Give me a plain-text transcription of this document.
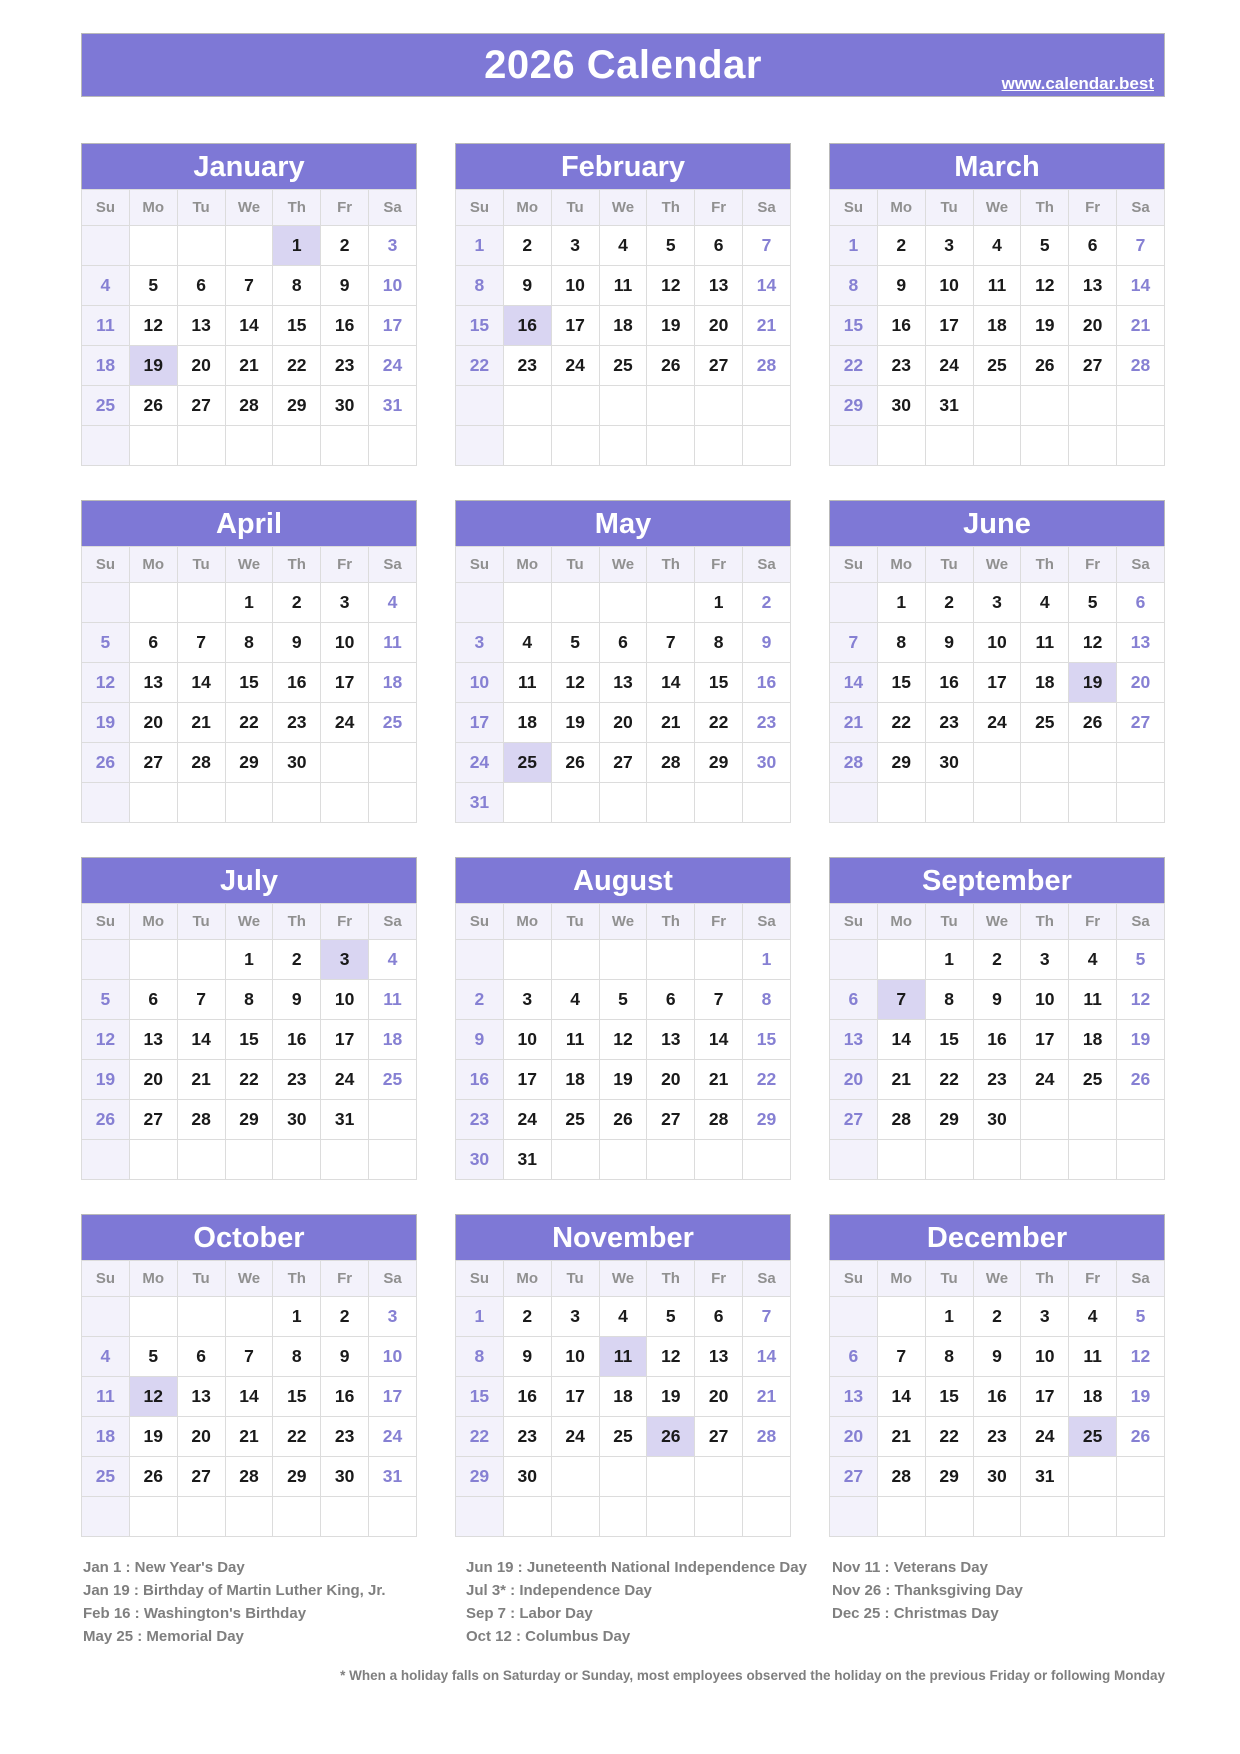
2026 Calendar	www.calendar.best
January
Su	Mo	Tu	We	Th	Fr	Sa
				1	2	3
4	5	6	7	8	9	10
11	12	13	14	15	16	17
18	19	20	21	22	23	24
25	26	27	28	29	30	31

February
Su	Mo	Tu	We	Th	Fr	Sa
1	2	3	4	5	6	7
8	9	10	11	12	13	14
15	16	17	18	19	20	21
22	23	24	25	26	27	28

March
Su	Mo	Tu	We	Th	Fr	Sa
1	2	3	4	5	6	7
8	9	10	11	12	13	14
15	16	17	18	19	20	21
22	23	24	25	26	27	28
29	30	31				

April
Su	Mo	Tu	We	Th	Fr	Sa
			1	2	3	4
5	6	7	8	9	10	11
12	13	14	15	16	17	18
19	20	21	22	23	24	25
26	27	28	29	30		

May
Su	Mo	Tu	We	Th	Fr	Sa
					1	2
3	4	5	6	7	8	9
10	11	12	13	14	15	16
17	18	19	20	21	22	23
24	25	26	27	28	29	30
31						
June
Su	Mo	Tu	We	Th	Fr	Sa
	1	2	3	4	5	6
7	8	9	10	11	12	13
14	15	16	17	18	19	20
21	22	23	24	25	26	27
28	29	30				

July
Su	Mo	Tu	We	Th	Fr	Sa
			1	2	3	4
5	6	7	8	9	10	11
12	13	14	15	16	17	18
19	20	21	22	23	24	25
26	27	28	29	30	31	

August
Su	Mo	Tu	We	Th	Fr	Sa
						1
2	3	4	5	6	7	8
9	10	11	12	13	14	15
16	17	18	19	20	21	22
23	24	25	26	27	28	29
30	31					
September
Su	Mo	Tu	We	Th	Fr	Sa
		1	2	3	4	5
6	7	8	9	10	11	12
13	14	15	16	17	18	19
20	21	22	23	24	25	26
27	28	29	30			

October
Su	Mo	Tu	We	Th	Fr	Sa
				1	2	3
4	5	6	7	8	9	10
11	12	13	14	15	16	17
18	19	20	21	22	23	24
25	26	27	28	29	30	31

November
Su	Mo	Tu	We	Th	Fr	Sa
1	2	3	4	5	6	7
8	9	10	11	12	13	14
15	16	17	18	19	20	21
22	23	24	25	26	27	28
29	30					

December
Su	Mo	Tu	We	Th	Fr	Sa
		1	2	3	4	5
6	7	8	9	10	11	12
13	14	15	16	17	18	19
20	21	22	23	24	25	26
27	28	29	30	31		

Jan 1 : New Year's Day
Jan 19 : Birthday of Martin Luther King, Jr.
Feb 16 : Washington's Birthday
May 25 : Memorial Day
Jun 19 : Juneteenth National Independence Day
Jul 3* : Independence Day
Sep 7 : Labor Day
Oct 12 : Columbus Day
Nov 11 : Veterans Day
Nov 26 : Thanksgiving Day
Dec 25 : Christmas Day

* When a holiday falls on Saturday or Sunday, most employees observed the holiday on the previous Friday or following Monday
